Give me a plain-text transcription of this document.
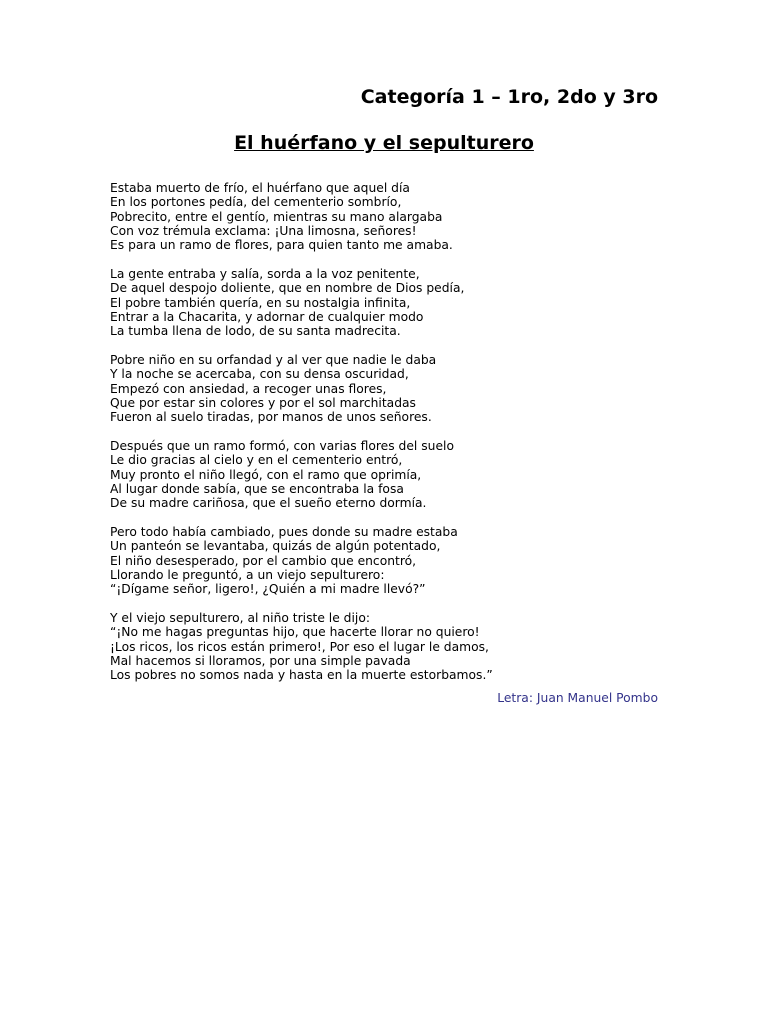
Categoría 1 – 1ro, 2do y 3ro
El huérfano y el sepulturero
Estaba muerto de frío, el huérfano que aquel día
En los portones pedía, del cementerio sombrío,
Pobrecito, entre el gentío, mientras su mano alargaba
Con voz trémula exclama: ¡Una limosna, señores!
Es para un ramo de flores, para quien tanto me amaba.
La gente entraba y salía, sorda a la voz penitente,
De aquel despojo doliente, que en nombre de Dios pedía,
El pobre también quería, en su nostalgia infinita,
Entrar a la Chacarita, y adornar de cualquier modo
La tumba llena de lodo, de su santa madrecita.
Pobre niño en su orfandad y al ver que nadie le daba
Y la noche se acercaba, con su densa oscuridad,
Empezó con ansiedad, a recoger unas flores,
Que por estar sin colores y por el sol marchitadas
Fueron al suelo tiradas, por manos de unos señores.
Después que un ramo formó, con varias flores del suelo
Le dio gracias al cielo y en el cementerio entró,
Muy pronto el niño llegó, con el ramo que oprimía,
Al lugar donde sabía, que se encontraba la fosa
De su madre cariñosa, que el sueño eterno dormía.
Pero todo había cambiado, pues donde su madre estaba
Un panteón se levantaba, quizás de algún potentado,
El niño desesperado, por el cambio que encontró,
Llorando le preguntó, a un viejo sepulturero:
“¡Dígame señor, ligero!, ¿Quién a mi madre llevó?”
Y el viejo sepulturero, al niño triste le dijo:
“¡No me hagas preguntas hijo, que hacerte llorar no quiero!
¡Los ricos, los ricos están primero!, Por eso el lugar le damos,
Mal hacemos si lloramos, por una simple pavada
Los pobres no somos nada y hasta en la muerte estorbamos.”
Letra: Juan Manuel Pombo
